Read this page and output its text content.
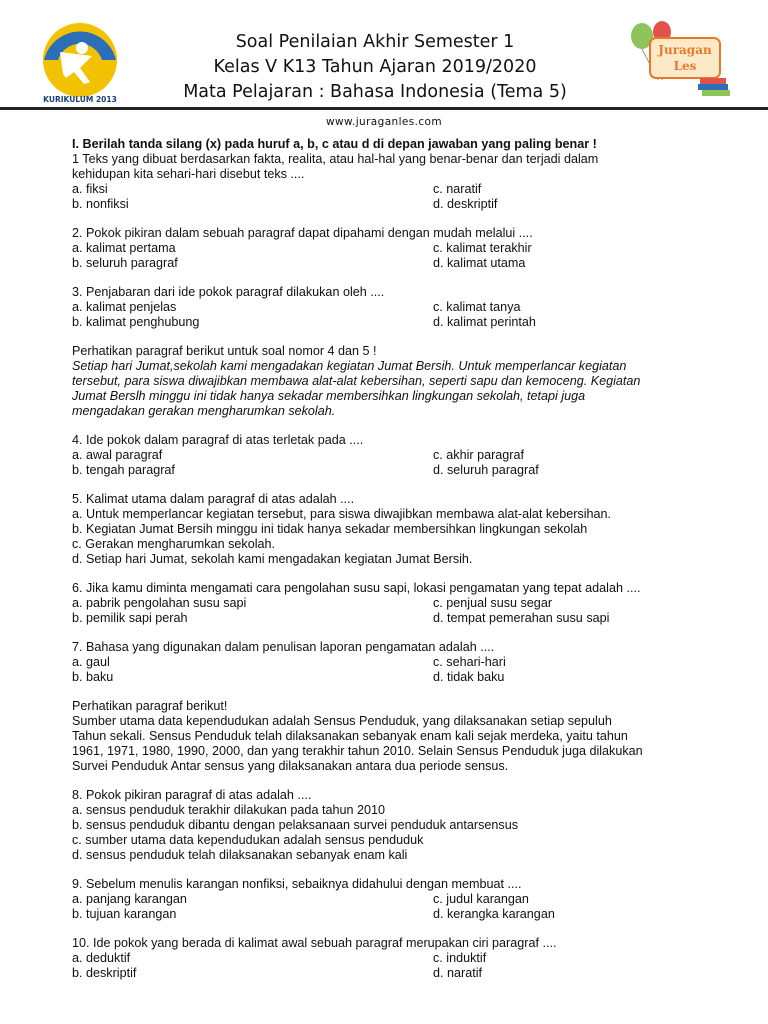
KURIKULUM 2013
Soal Penilaian Akhir Semester 1
Kelas V K13 Tahun Ajaran 2019/2020
Mata Pelajaran : Bahasa Indonesia (Tema 5)
Juragan
Les
www.juraganles.com
I. Berilah tanda silang (x) pada huruf a, b, c atau d di depan jawaban yang paling benar !
1 Teks yang dibuat berdasarkan fakta, realita, atau hal-hal yang benar-benar dan terjadi dalam
kehidupan kita sehari-hari disebut teks ....
a. fiksi	c. naratif
b. nonfiksi	d. deskriptif
2. Pokok pikiran dalam sebuah paragraf dapat dipahami dengan mudah melalui ....
a. kalimat pertama	c. kalimat terakhir
b. seluruh paragraf	d. kalimat utama
3. Penjabaran dari ide pokok paragraf dilakukan oleh ....
a. kalimat penjelas	c. kalimat tanya
b. kalimat penghubung	d. kalimat perintah
Perhatikan paragraf berikut untuk soal nomor 4 dan 5 !
Setiap hari Jumat,sekolah kami mengadakan kegiatan Jumat Bersih. Untuk memperlancar kegiatan
tersebut, para siswa diwajibkan membawa alat-alat kebersihan, seperti sapu dan kemoceng. Kegiatan
Jumat Berslh minggu ini tidak hanya sekadar membersihkan lingkungan sekolah, tetapi juga
mengadakan gerakan mengharumkan sekolah.
4. Ide pokok dalam paragraf di atas terletak pada ....
a. awal paragraf	c. akhir paragraf
b. tengah paragraf	d. seluruh paragraf
5. Kalimat utama dalam paragraf di atas adalah ....
a. Untuk memperlancar kegiatan tersebut, para siswa diwajibkan membawa alat-alat kebersihan.
b. Kegiatan Jumat Bersih minggu ini tidak hanya sekadar membersihkan lingkungan sekolah
c. Gerakan mengharumkan sekolah.
d. Setiap hari Jumat, sekolah kami mengadakan kegiatan Jumat Bersih.
6. Jika kamu diminta mengamati cara pengolahan susu sapi, lokasi pengamatan yang tepat adalah ....
a. pabrik pengolahan susu sapi	c. penjual susu segar
b. pemilik sapi perah	d. tempat pemerahan susu sapi
7. Bahasa yang digunakan dalam penulisan laporan pengamatan adalah ....
a. gaul	c. sehari-hari
b. baku	d. tidak baku
Perhatikan paragraf berikut!
Sumber utama data kependudukan adalah Sensus Penduduk, yang dilaksanakan setiap sepuluh
Tahun sekali. Sensus Penduduk telah dilaksanakan sebanyak enam kali sejak merdeka, yaitu tahun
1961, 1971, 1980, 1990, 2000, dan yang terakhir tahun 2010. Selain Sensus Penduduk juga dilakukan
Survei Penduduk Antar sensus yang dilaksanakan antara dua periode sensus.
8. Pokok pikiran paragraf di atas adalah ....
a. sensus penduduk terakhir dilakukan pada tahun 2010
b. sensus penduduk dibantu dengan pelaksanaan survei penduduk antarsensus
c. sumber utama data kependudukan adalah sensus penduduk
d. sensus penduduk telah dilaksanakan sebanyak enam kali
9. Sebelum menulis karangan nonfiksi, sebaiknya didahului dengan membuat ....
a. panjang karangan	c. judul karangan
b. tujuan karangan	d. kerangka karangan
10. Ide pokok yang berada di kalimat awal sebuah paragraf merupakan ciri paragraf ....
a. deduktif	c. induktif
b. deskriptif	d. naratif
